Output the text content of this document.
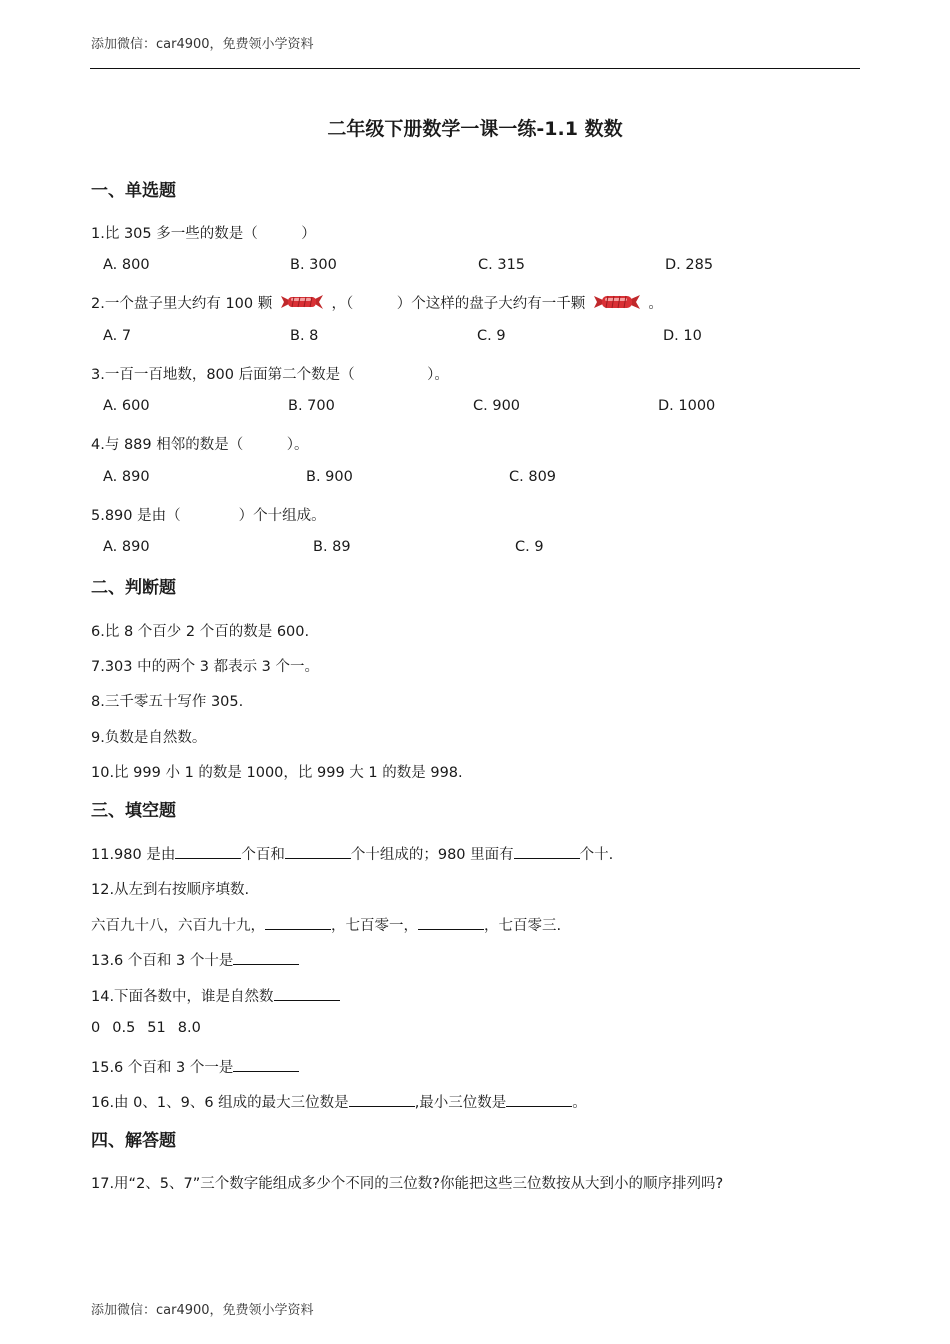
添加微信：car4900，免费领小学资料
二年级下册数学一课一练-1.1 数数
一、单选题
1.比 305 多一些的数是（　　　）
A. 800	B. 300	C. 315	D. 285
2.一个盘子里大约有 100 颗	，（　　　）个这样的盘子大约有一千颗	。
A. 7	B. 8	C. 9	D. 10
3.一百一百地数，800 后面第二个数是（　　　　　）。
A. 600	B. 700	C. 900	D. 1000
4.与 889 相邻的数是（　　　）。
A. 890	B. 900	C. 809
5.890 是由（　　　　）个十组成。
A. 890	B. 89	C. 9
二、判断题
6.比 8 个百少 2 个百的数是 600.
7.303 中的两个 3 都表示 3 个一。
8.三千零五十写作 305.
9.负数是自然数。
10.比 999 小 1 的数是 1000，比 999 大 1 的数是 998.
三、填空题
11.980 是由	个百和	个十组成的；980 里面有	个十.
12.从左到右按顺序填数.
六百九十八，六百九十九，	，七百零一，	，七百零三.
13.6 个百和 3 个十是
14.下面各数中，谁是自然数
0 0.5 51 8.0
15.6 个百和 3 个一是
16.由 0、1、9、6 组成的最大三位数是	,最小三位数是	。
四、解答题
17.用“2、5、7”三个数字能组成多少个不同的三位数?你能把这些三位数按从大到小的顺序排列吗?
添加微信：car4900，免费领小学资料
